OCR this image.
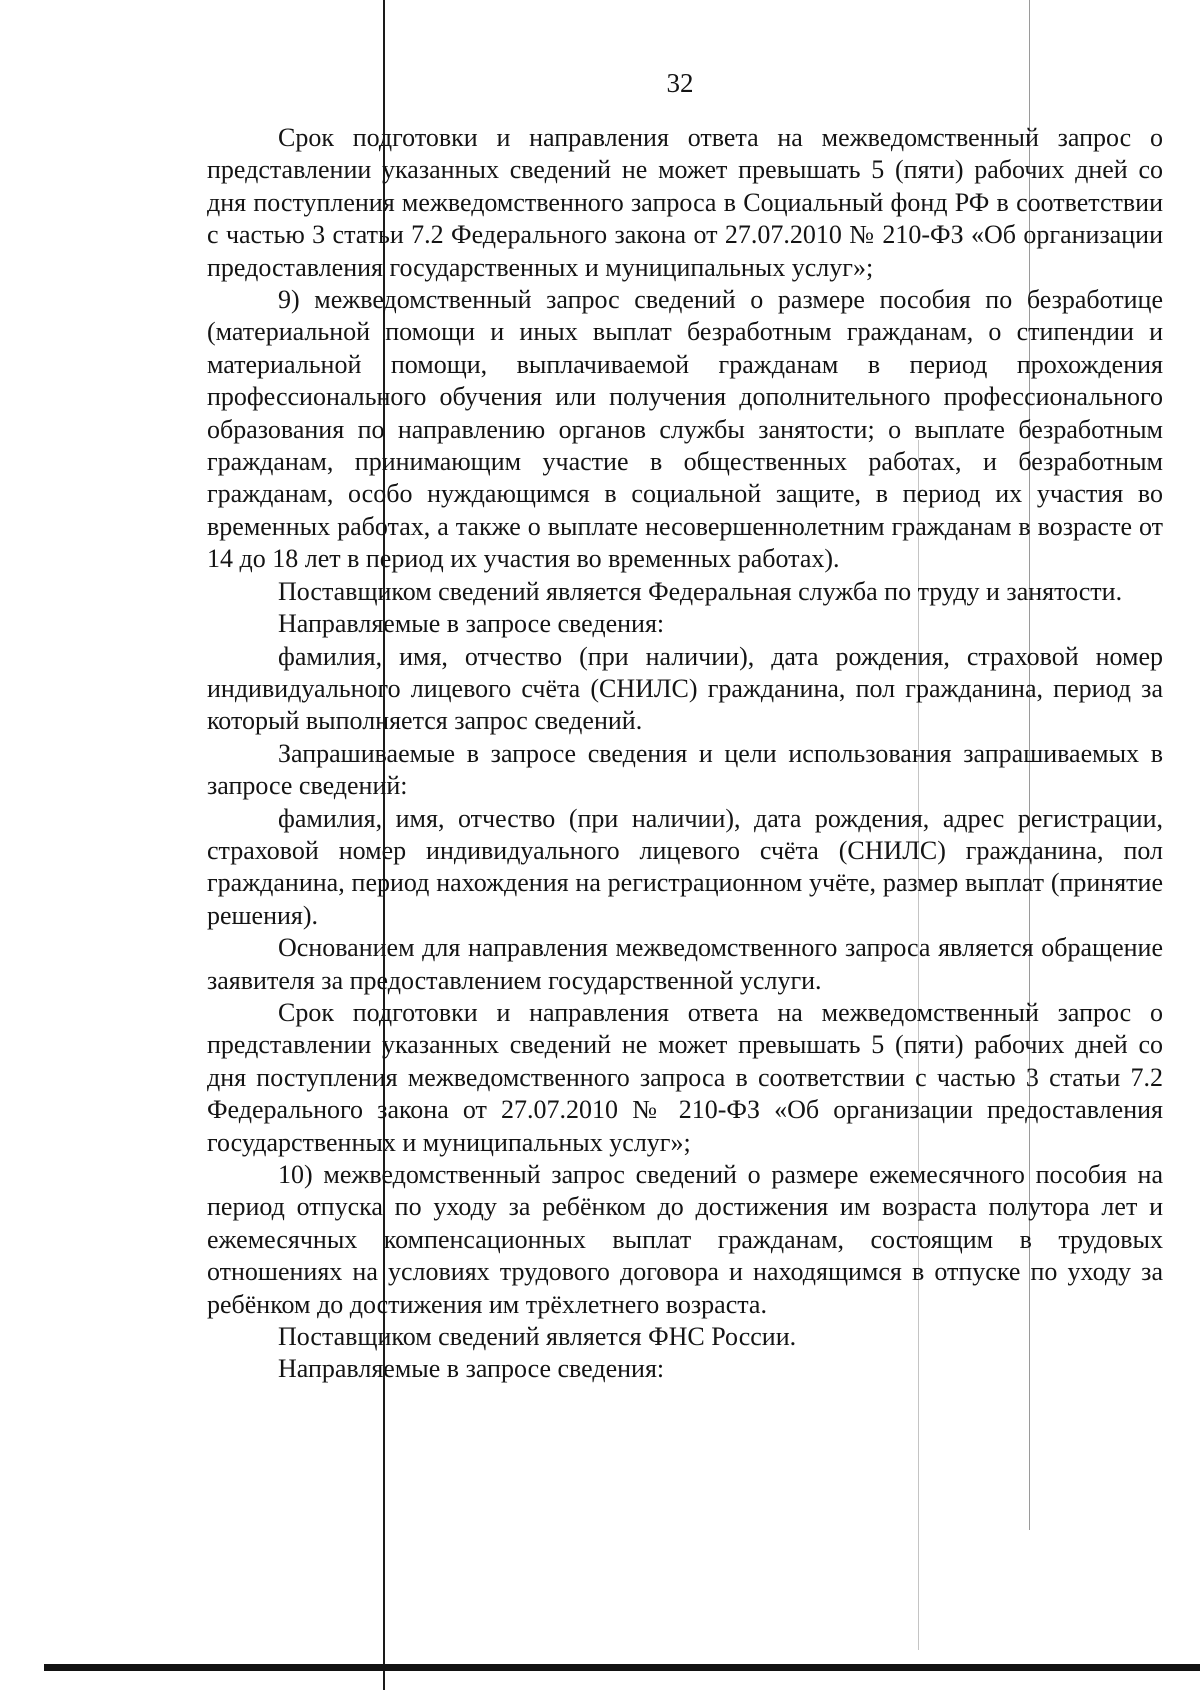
32

Срок подготовки и направления ответа на межведомственный запрос о представлении указанных сведений не может превышать 5 (пяти) рабочих дней со дня поступления межведомственного запроса в Социальный фонд РФ в соответствии с частью 3 статьи 7.2 Федерального закона от 27.07.2010 № 210-ФЗ «Об организации предоставления государственных и муниципальных услуг»;

9) межведомственный запрос сведений о размере пособия по безработице (материальной помощи и иных выплат безработным гражданам, о стипендии и материальной помощи, выплачиваемой гражданам в период прохождения профессионального обучения или получения дополнительного профессионального образования по направлению органов службы занятости; о выплате безработным гражданам, принимающим участие в общественных работах, и безработным гражданам, особо нуждающимся в социальной защите, в период их участия во временных работах, а также о выплате несовершеннолетним гражданам в возрасте от 14 до 18 лет в период их участия во временных работах).

Поставщиком сведений является Федеральная служба по труду и занятости.

Направляемые в запросе сведения:

фамилия, имя, отчество (при наличии), дата рождения, страховой номер индивидуального лицевого счёта (СНИЛС) гражданина, пол гражданина, период за который выполняется запрос сведений.

Запрашиваемые в запросе сведения и цели использования запрашиваемых в запросе сведений:

фамилия, имя, отчество (при наличии), дата рождения, адрес регистрации, страховой номер индивидуального лицевого счёта (СНИЛС) гражданина, пол гражданина, период нахождения на регистрационном учёте, размер выплат (принятие решения).

Основанием для направления межведомственного запроса является обращение заявителя за предоставлением государственной услуги.

Срок подготовки и направления ответа на межведомственный запрос о представлении указанных сведений не может превышать 5 (пяти) рабочих дней со дня поступления межведомственного запроса в соответствии с частью 3 статьи 7.2 Федерального закона от 27.07.2010 № 210-ФЗ «Об организации предоставления государственных и муниципальных услуг»;

10) межведомственный запрос сведений о размере ежемесячного пособия на период отпуска по уходу за ребёнком до достижения им возраста полутора лет и ежемесячных компенсационных выплат гражданам, состоящим в трудовых отношениях на условиях трудового договора и находящимся в отпуске по уходу за ребёнком до достижения им трёхлетнего возраста.

Поставщиком сведений является ФНС России.

Направляемые в запросе сведения:
